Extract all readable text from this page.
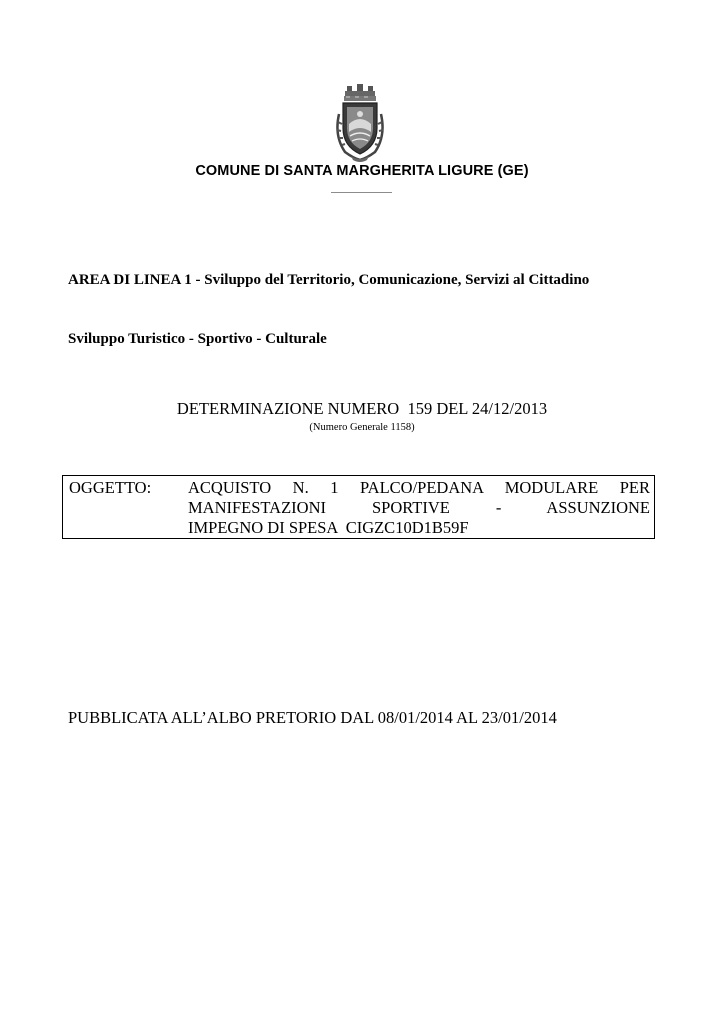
COMUNE DI SANTA MARGHERITA LIGURE (GE)
AREA DI LINEA 1 - Sviluppo del Territorio, Comunicazione, Servizi al Cittadino
Sviluppo Turistico - Sportivo - Culturale
DETERMINAZIONE NUMERO  159 DEL 24/12/2013
(Numero Generale 1158)
OGGETTO: ACQUISTO N. 1 PALCO/PEDANA MODULARE PER
MANIFESTAZIONI SPORTIVE - ASSUNZIONE
IMPEGNO DI SPESA  CIGZC10D1B59F
PUBBLICATA ALL’ALBO PRETORIO DAL 08/01/2014 AL 23/01/2014
